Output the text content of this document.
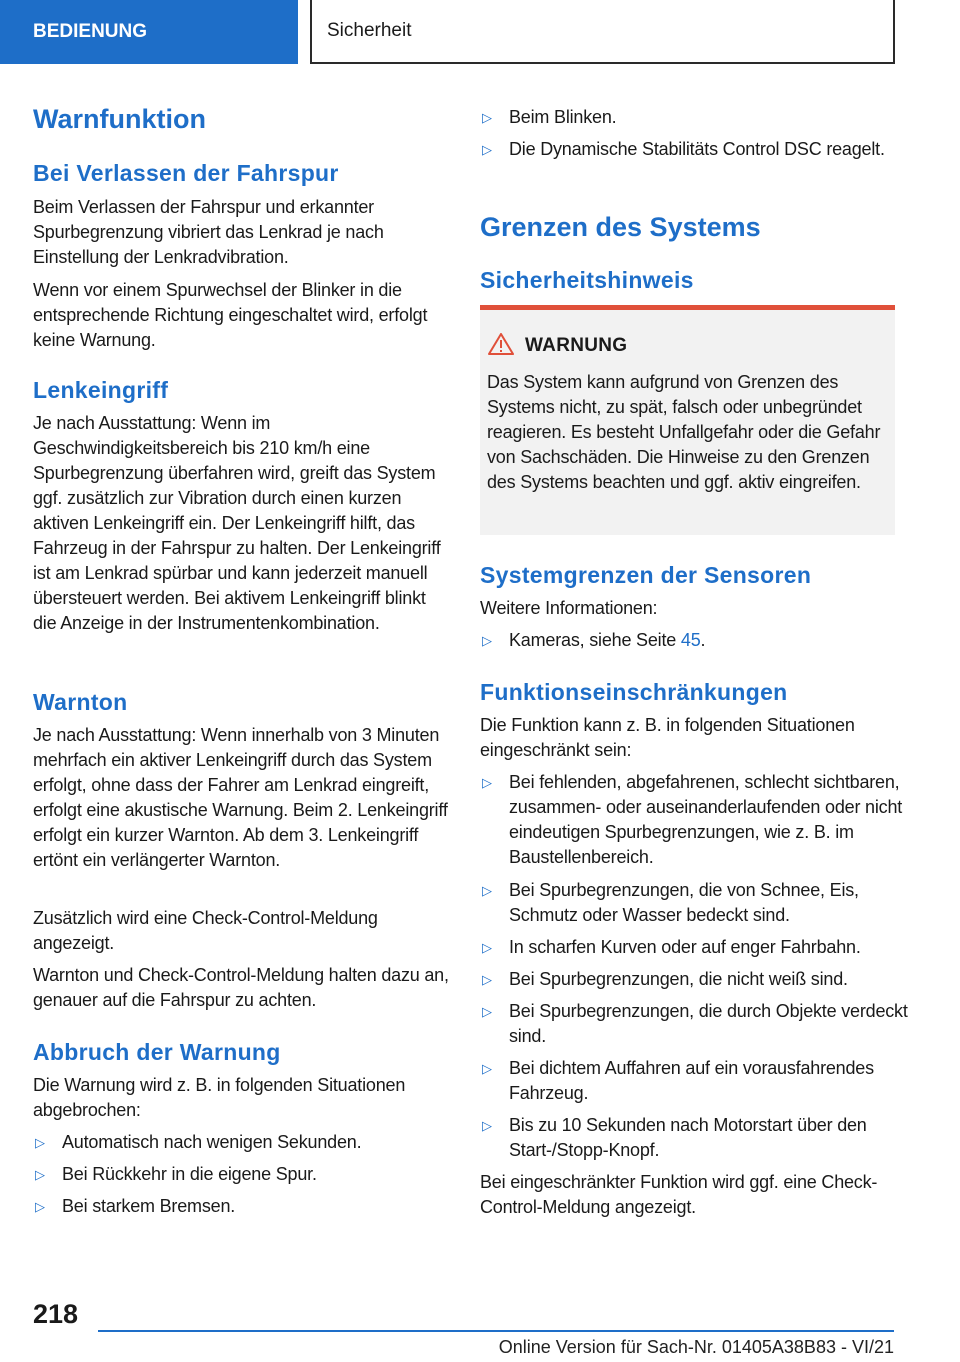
BEDIENUNG	Sicherheit
Warnfunktion
Bei Verlassen der Fahrspur

Beim Verlassen der Fahrspur und erkannter Spurbegrenzung vibriert das Lenkrad je nach Einstellung der Lenkradvibration.

Wenn vor einem Spurwechsel der Blinker in die entsprechende Richtung eingeschaltet wird, erfolgt keine Warnung.

Lenkeingriff

Je nach Ausstattung: Wenn im Geschwindigkeitsbereich bis 210 km/h eine Spurbegrenzung überfahren wird, greift das System ggf. zusätzlich zur Vibration durch einen kurzen aktiven Lenkeingriff ein. Der Lenkeingriff hilft, das Fahrzeug in der Fahrspur zu halten. Der Lenkeingriff ist am Lenkrad spürbar und kann jederzeit manuell übersteuert werden. Bei aktivem Lenkeingriff blinkt die Anzeige in der Instrumentenkombination.

Warnton

Je nach Ausstattung: Wenn innerhalb von 3 Minuten mehrfach ein aktiver Lenkeingriff durch das System erfolgt, ohne dass der Fahrer am Lenkrad eingreift, erfolgt eine akustische Warnung. Beim 2. Lenkeingriff erfolgt ein kurzer Warnton. Ab dem 3. Lenkeingriff ertönt ein verlängerter Warnton.

Zusätzlich wird eine Check-Control-Meldung angezeigt.

Warnton und Check-Control-Meldung halten dazu an, genauer auf die Fahrspur zu achten.

Abbruch der Warnung

Die Warnung wird z. B. in folgenden Situationen abgebrochen:

▷ Automatisch nach wenigen Sekunden.
▷ Bei Rückkehr in die eigene Spur.
▷ Bei starkem Bremsen.
▷ Beim Blinken.
▷ Die Dynamische Stabilitäts Control DSC reagelt.
Grenzen des Systems
Sicherheitshinweis
WARNUNG

Das System kann aufgrund von Grenzen des Systems nicht, zu spät, falsch oder unbegründet reagieren. Es besteht Unfallgefahr oder die Gefahr von Sachschäden. Die Hinweise zu den Grenzen des Systems beachten und ggf. aktiv eingreifen.

Systemgrenzen der Sensoren

Weitere Informationen:

▷ Kameras, siehe Seite 45.
Funktionseinschränkungen

Die Funktion kann z. B. in folgenden Situationen eingeschränkt sein:

▷ Bei fehlenden, abgefahrenen, schlecht sichtbaren, zusammen- oder auseinanderlaufenden oder nicht eindeutigen Spurbegrenzungen, wie z. B. im Baustellenbereich.
▷ Bei Spurbegrenzungen, die von Schnee, Eis, Schmutz oder Wasser bedeckt sind.
▷ In scharfen Kurven oder auf enger Fahrbahn.
▷ Bei Spurbegrenzungen, die nicht weiß sind.
▷ Bei Spurbegrenzungen, die durch Objekte verdeckt sind.
▷ Bei dichtem Auffahren auf ein vorausfahrendes Fahrzeug.
▷ Bis zu 10 Sekunden nach Motorstart über den Start-/Stopp-Knopf.

Bei eingeschränkter Funktion wird ggf. eine Check-Control-Meldung angezeigt.

218
Online Version für Sach-Nr. 01405A38B83 - VI/21
